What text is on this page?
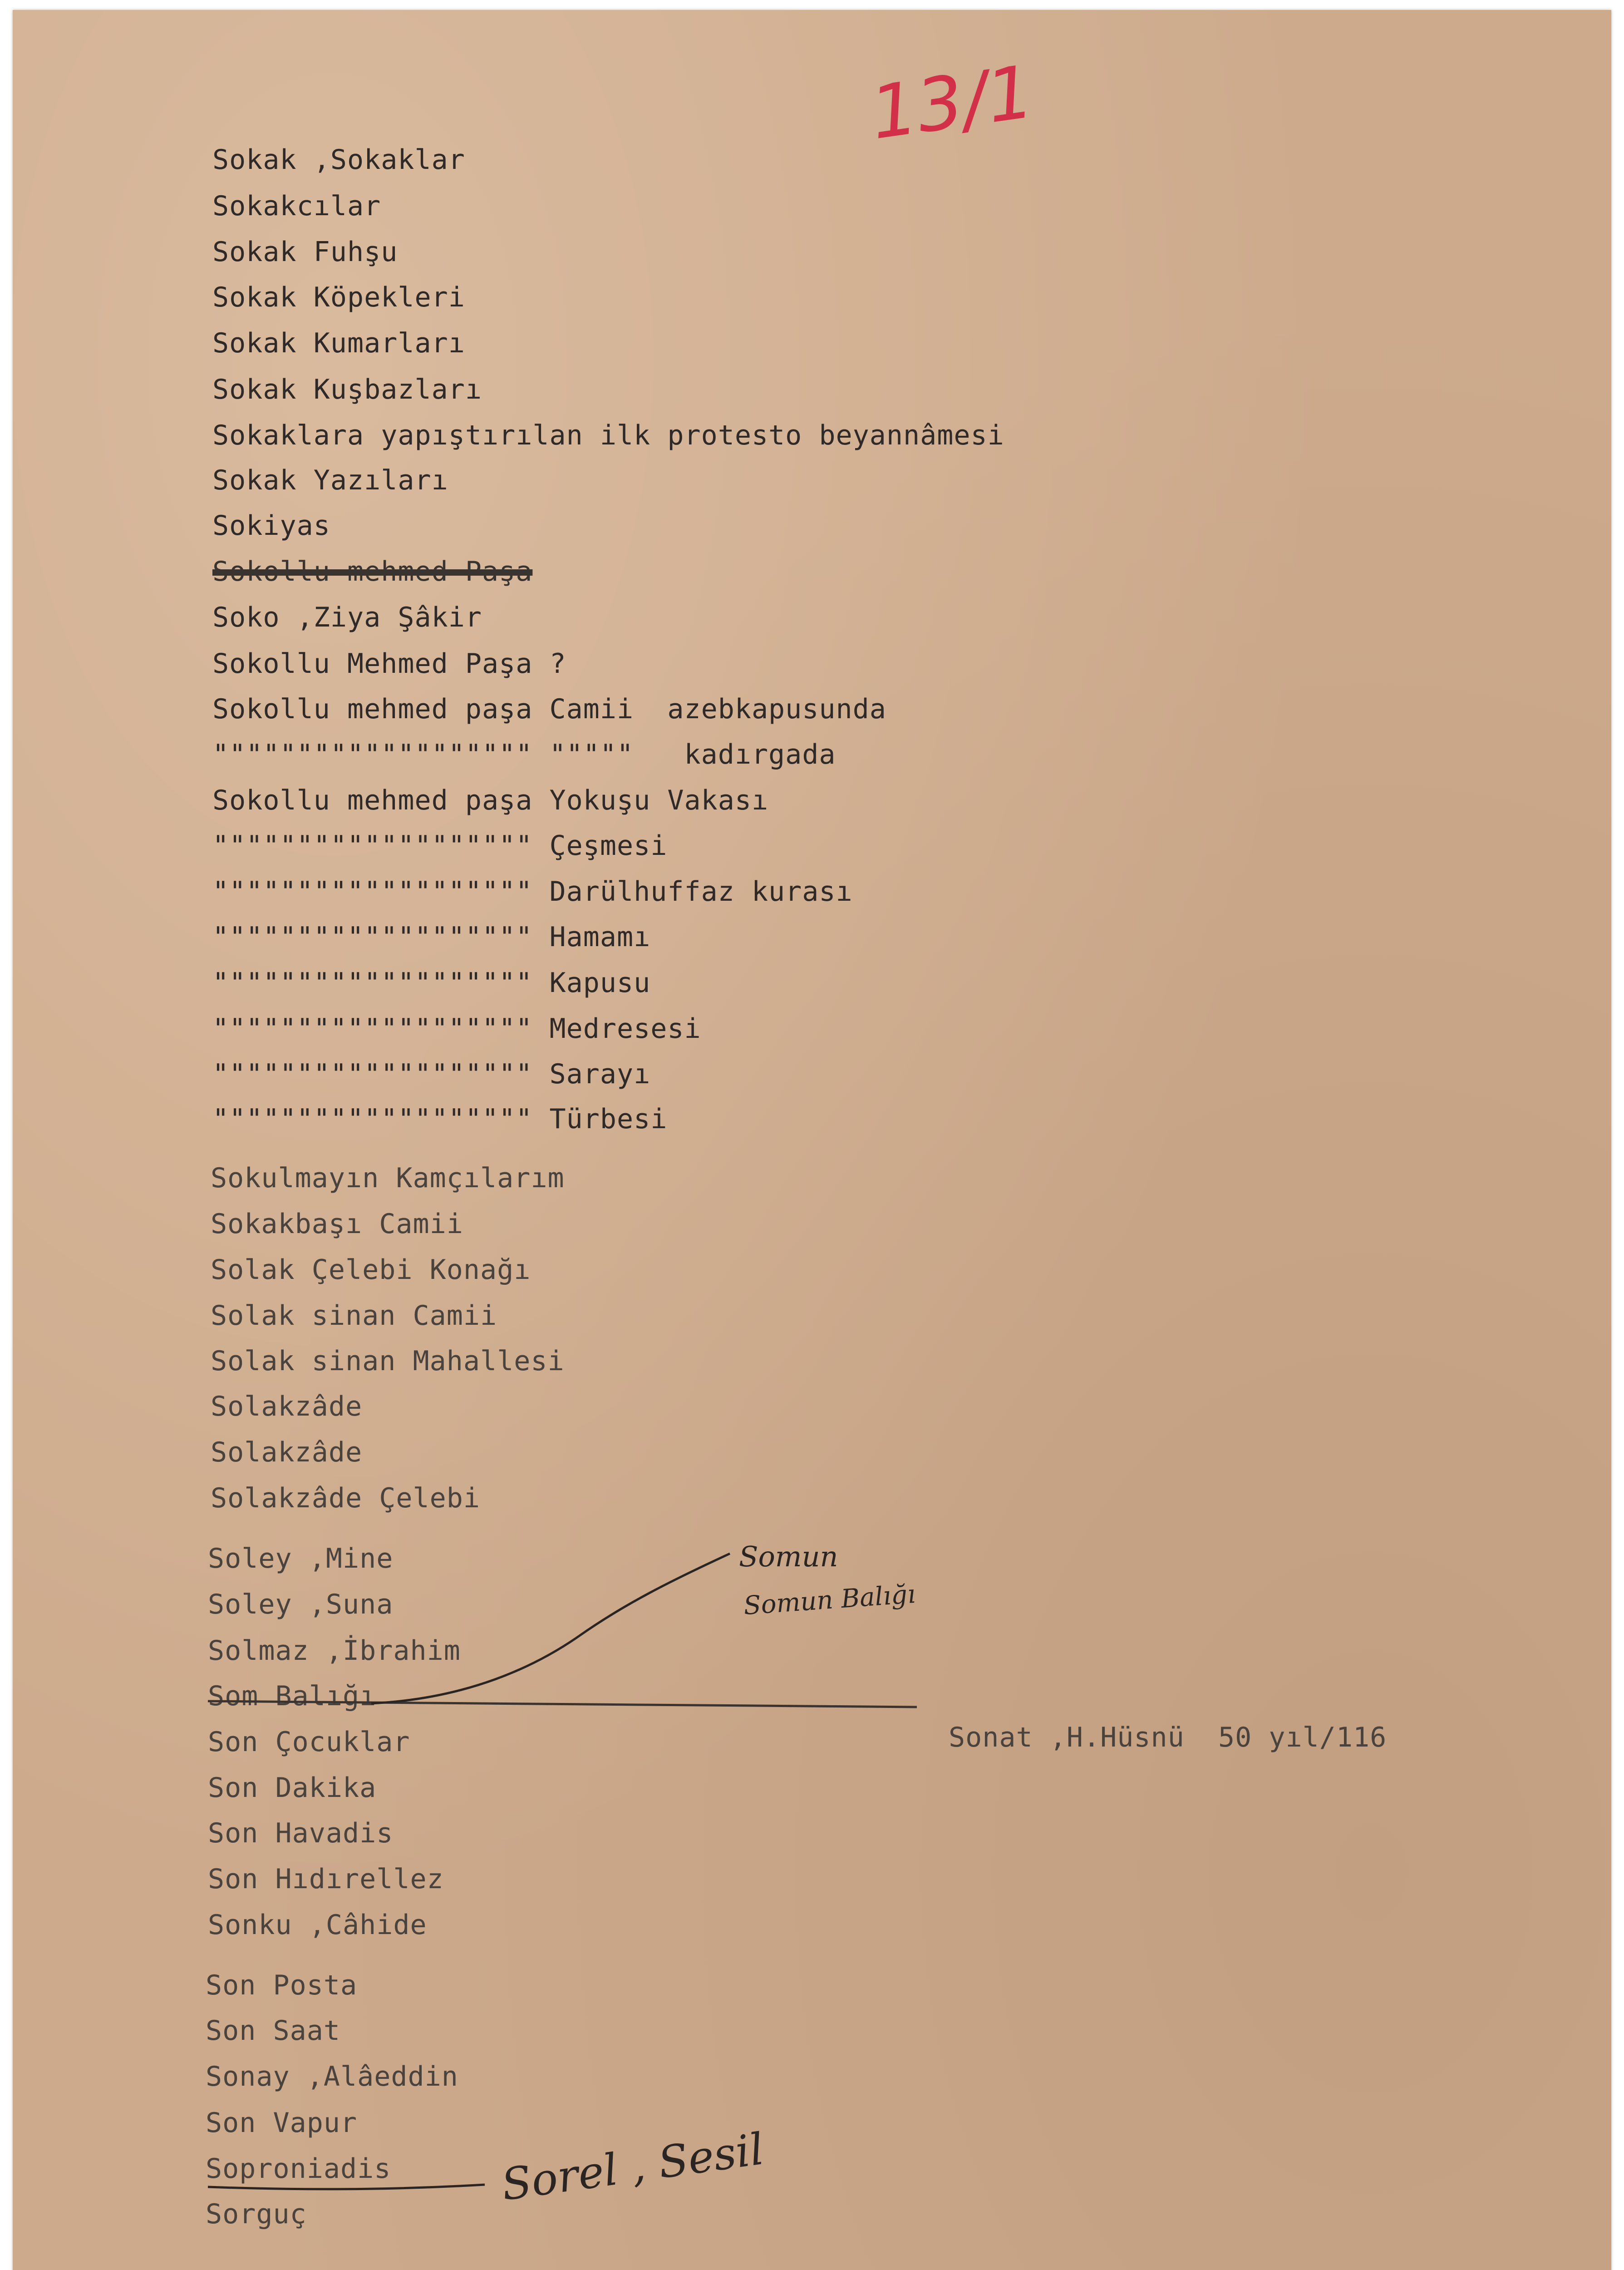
13/1
Sokak ,Sokaklar
Sokakcılar
Sokak Fuhşu
Sokak Köpekleri
Sokak Kumarları
Sokak Kuşbazları
Sokaklara yapıştırılan ilk protesto beyannâmesi
Sokak Yazıları
Sokiyas
Sokollu mehmed Paşa
Soko ,Ziya Şâkir
Sokollu Mehmed Paşa ?
Sokollu mehmed paşa Camii  azebkapusunda
""""""""""""""""""" """""   kadırgada
Sokollu mehmed paşa Yokuşu Vakası
""""""""""""""""""" Çeşmesi
""""""""""""""""""" Darülhuffaz kurası
""""""""""""""""""" Hamamı
""""""""""""""""""" Kapusu
""""""""""""""""""" Medresesi
""""""""""""""""""" Sarayı
""""""""""""""""""" Türbesi
Sokulmayın Kamçılarım
Sokakbaşı Camii
Solak Çelebi Konağı
Solak sinan Camii
Solak sinan Mahallesi
Solakzâde
Solakzâde
Solakzâde Çelebi
Soley ,Mine
Soley ,Suna
Solmaz ,İbrahim
Som Balığı
Son Çocuklar
Son Dakika
Son Havadis
Son Hıdırellez
Sonku ,Câhide
Son Posta
Son Saat
Sonay ,Alâeddin
Son Vapur
Soproniadis
Sorguç
Sonat ,H.Hüsnü  50 yıl/116
Somun
Somun Balığı
Sorel , Sesil
